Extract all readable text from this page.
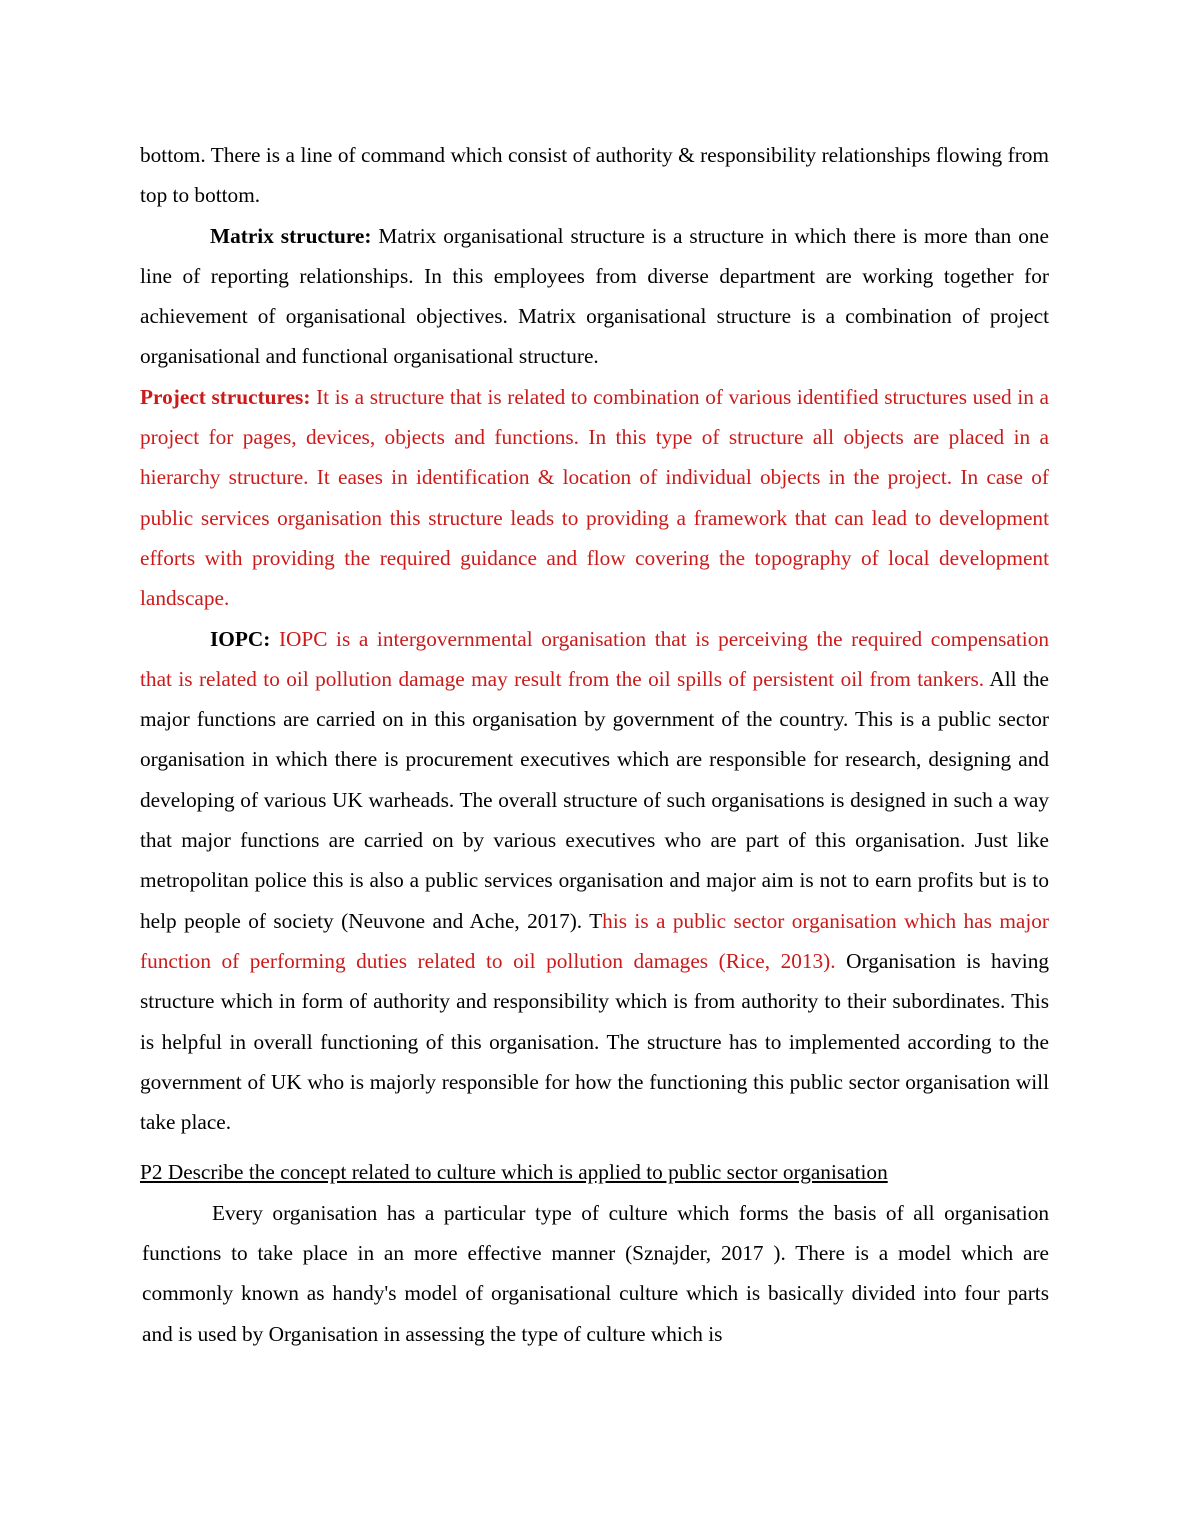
bottom. There is a line of command which consist of authority & responsibility relationships flowing from top to bottom.

Matrix structure: Matrix organisational structure is a structure in which there is more than one line of reporting relationships. In this employees from diverse department are working together for achievement of organisational objectives. Matrix organisational structure is a combination of project organisational and functional organisational structure.

Project structures: It is a structure that is related to combination of various identified structures used in a project for pages, devices, objects and functions. In this type of structure all objects are placed in a hierarchy structure. It eases in identification & location of individual objects in the project. In case of public services organisation this structure leads to providing a framework that can lead to development efforts with providing the required guidance and flow covering the topography of local development landscape.

IOPC: IOPC is a intergovernmental organisation that is perceiving the required compensation that is related to oil pollution damage may result from the oil spills of persistent oil from tankers. All the major functions are carried on in this organisation by government of the country. This is a public sector organisation in which there is procurement executives which are responsible for research, designing and developing of various UK warheads. The overall structure of such organisations is designed in such a way that major functions are carried on by various executives who are part of this organisation. Just like metropolitan police this is also a public services organisation and major aim is not to earn profits but is to help people of society (Neuvone and Ache, 2017). This is a public sector organisation which has major function of performing duties related to oil pollution damages (Rice, 2013). Organisation is having structure which in form of authority and responsibility which is from authority to their subordinates. This is helpful in overall functioning of this organisation. The structure has to implemented according to the government of UK who is majorly responsible for how the functioning this public sector organisation will take place.

P2 Describe the concept related to culture which is applied to public sector organisation

Every organisation has a particular type of culture which forms the basis of all organisation functions to take place in an more effective manner (Sznajder, 2017 ). There is a model which are commonly known as handy's model of organisational culture which is basically divided into four parts and is used by Organisation in assessing the type of culture which is
